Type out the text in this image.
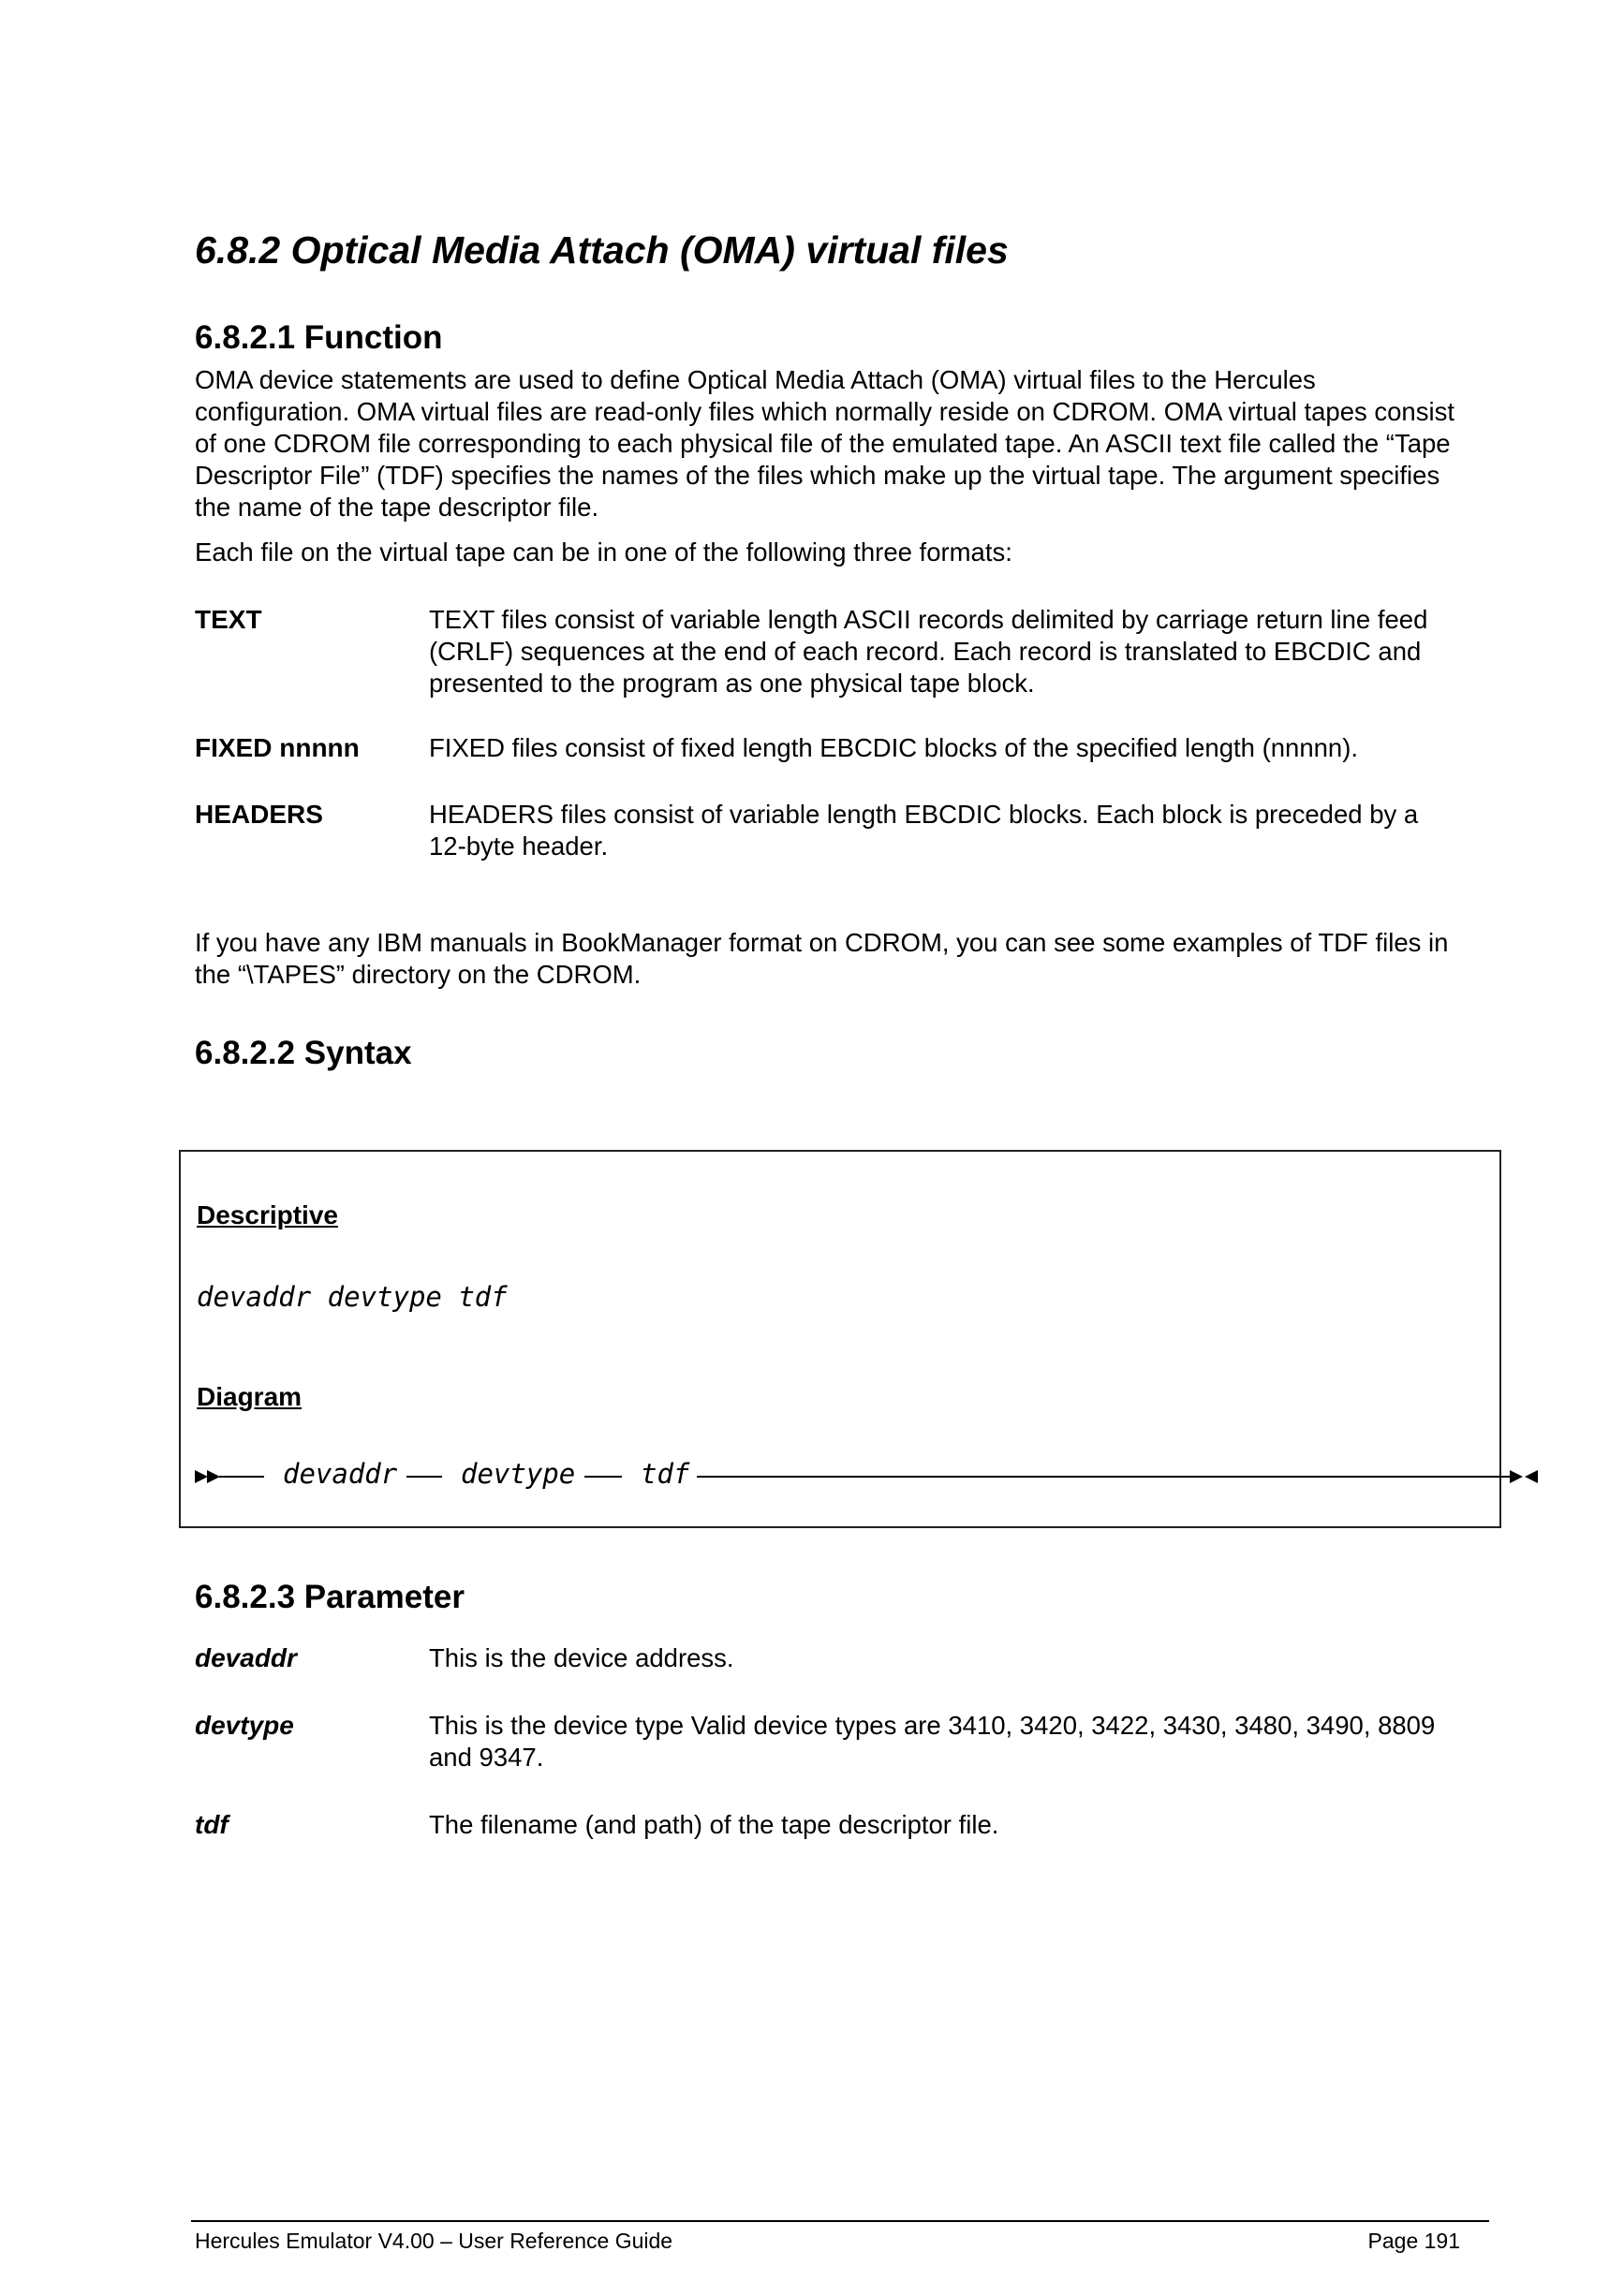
6.8.2 Optical Media Attach (OMA) virtual files
6.8.2.1 Function

OMA device statements are used to define Optical Media Attach (OMA) virtual files to the Hercules configuration. OMA virtual files are read-only files which normally reside on CDROM. OMA virtual tapes consist of one CDROM file corresponding to each physical file of the emulated tape. An ASCII text file called the “Tape Descriptor File” (TDF) specifies the names of the files which make up the virtual tape. The argument specifies the name of the tape descriptor file.

Each file on the virtual tape can be in one of the following three formats:

TEXT	TEXT files consist of variable length ASCII records delimited by carriage return line feed (CRLF) sequences at the end of each record. Each record is translated to EBCDIC and presented to the program as one physical tape block.
FIXED nnnnn	FIXED files consist of fixed length EBCDIC blocks of the specified length (nnnnn).
HEADERS	HEADERS files consist of variable length EBCDIC blocks. Each block is preceded by a 12-byte header.

If you have any IBM manuals in BookManager format on CDROM, you can see some examples of TDF files in the “\TAPES” directory on the CDROM.

6.8.2.2 Syntax
Descriptive
devaddr devtype tdf
Diagram
devaddr devtype tdf
6.8.2.3 Parameter
devaddr	This is the device address.
devtype	This is the device type Valid device types are 3410, 3420, 3422, 3430, 3480, 3490, 8809 and 9347.
tdf	The filename (and path) of the tape descriptor file.
Hercules Emulator V4.00 – User Reference Guide	Page 191
